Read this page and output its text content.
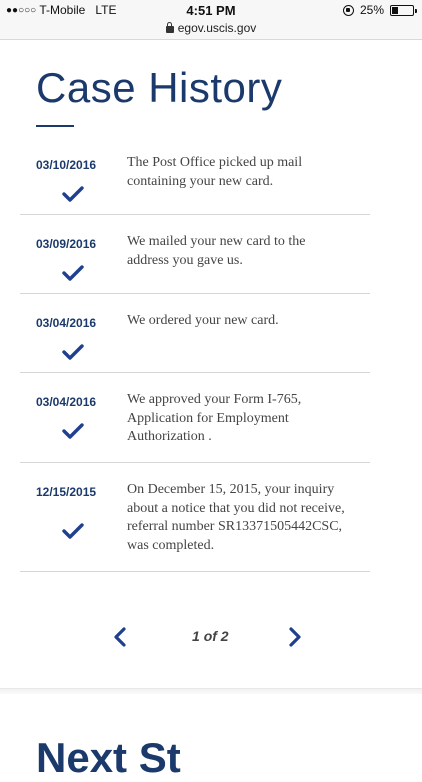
●●○○○ T-Mobile LTE	4:51 PM	25%
egov.uscis.gov
Case History
03/10/2016 The Post Office picked up mail
containing your new card.
03/09/2016 We mailed your new card to the
address you gave us.
03/04/2016 We ordered your new card.
03/04/2016 We approved your Form I-765,
Application for Employment
Authorization .
12/15/2015 On December 15, 2015, your inquiry
about a notice that you did not receive,
referral number SR13371505442CSC,
was completed.
1 of 2
Next St
